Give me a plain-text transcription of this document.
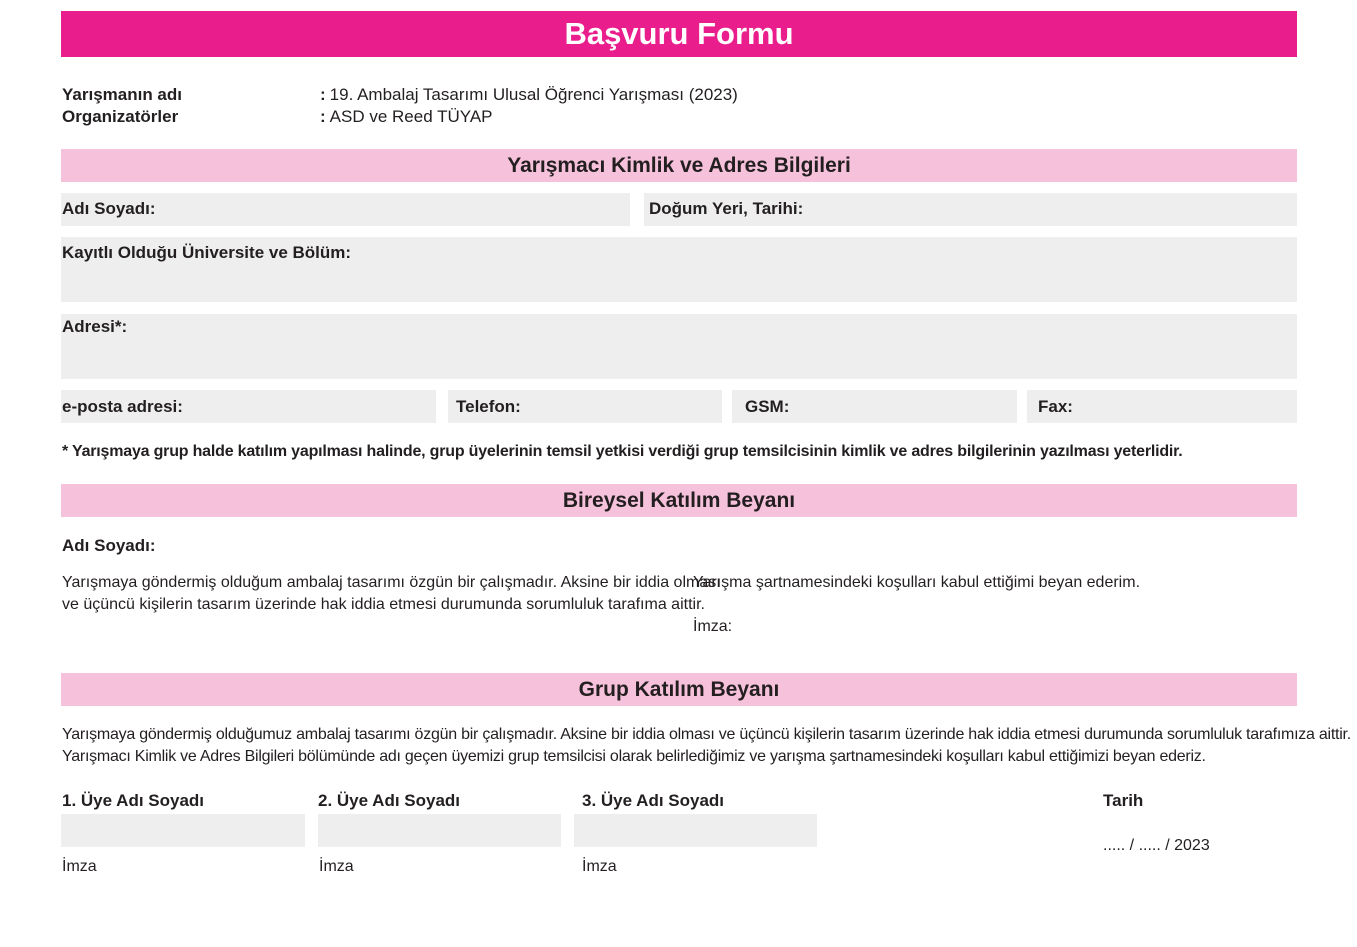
Başvuru Formu
Yarışmanın adı	: 19. Ambalaj Tasarımı Ulusal Öğrenci Yarışması (2023)
Organizatörler	: ASD ve Reed TÜYAP
Yarışmacı Kimlik ve Adres Bilgileri
Adı Soyadı:	Doğum Yeri, Tarihi:
Kayıtlı Olduğu Üniversite ve Bölüm:
Adresi*:
e-posta adresi:	Telefon:	GSM:	Fax:
* Yarışmaya grup halde katılım yapılması halinde, grup üyelerinin temsil yetkisi verdiği grup temsilcisinin kimlik ve adres bilgilerinin yazılması yeterlidir.
Bireysel Katılım Beyanı
Adı Soyadı:
Yarışmaya göndermiş olduğum ambalaj tasarımı özgün bir çalışmadır. Aksine bir iddia olması
ve üçüncü kişilerin tasarım üzerinde hak iddia etmesi durumunda sorumluluk tarafıma aittir.
Yarışma şartnamesindeki koşulları kabul ettiğimi beyan ederim.
İmza:
Grup Katılım Beyanı
Yarışmaya göndermiş olduğumuz ambalaj tasarımı özgün bir çalışmadır. Aksine bir iddia olması ve üçüncü kişilerin tasarım üzerinde hak iddia etmesi durumunda sorumluluk tarafımıza aittir.
Yarışmacı Kimlik ve Adres Bilgileri bölümünde adı geçen üyemizi grup temsilcisi olarak belirlediğimiz ve yarışma şartnamesindeki koşulları kabul ettiğimizi beyan ederiz.
1. Üye Adı Soyadı
İmza
2. Üye Adı Soyadı
İmza
3. Üye Adı Soyadı
İmza
Tarih
..... / ..... / 2023
